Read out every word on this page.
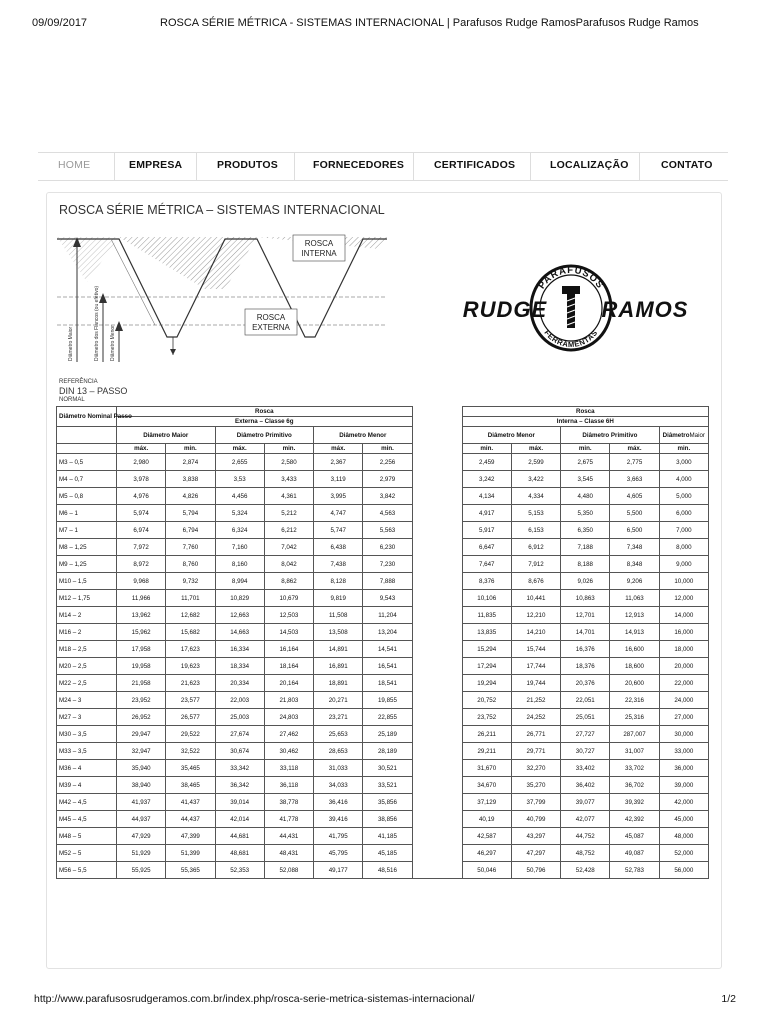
09/09/2017	ROSCA SÉRIE MÉTRICA - SISTEMAS INTERNACIONAL | Parafusos Rudge RamosParafusos Rudge Ramos
HOME	EMPRESA	PRODUTOS	FORNECEDORES	CERTIFICADOS	LOCALIZAÇÃO	CONTATO
ROSCA SÉRIE MÉTRICA – SISTEMAS INTERNACIONAL
ROSCA
INTERNA
ROSCA
EXTERNA
Diâmetro Maior	Diâmetro dos Flancos (ou efetivo) Diâmetro Menor
PARAFUSOS
FERRAMENTAS
RUDGE RAMOS
REFERÊNCIA
DIN 13 – PASSO
NORMAL
Diâmetro Nominal Passo	Rosca							Rosca				
	Externa – Classe 6g							Interna – Classe 6H				
	Diâmetro Maior		Diâmetro Primitivo		Diâmetro Menor			Diâmetro Menor		Diâmetro Primitivo		DiâmetroMaior
	máx.	min.	máx.	min.	máx.	min.		min.	máx.	min.	máx.	min.
M3 – 0,5	2,980	2,874	2,655	2,580	2,367	2,256		2,459	2,599	2,675	2,775	3,000
M4 – 0,7	3,978	3,838	3,53	3,433	3,119	2,979		3,242	3,422	3,545	3,663	4,000
M5 – 0,8	4,976	4,826	4,456	4,361	3,995	3,842		4,134	4,334	4,480	4,605	5,000
M6 – 1	5,974	5,794	5,324	5,212	4,747	4,563		4,917	5,153	5,350	5,500	6,000
M7 – 1	6,974	6,794	6,324	6,212	5,747	5,563		5,917	6,153	6,350	6,500	7,000
M8 – 1,25	7,972	7,760	7,160	7,042	6,438	6,230		6,647	6,912	7,188	7,348	8,000
M9 – 1,25	8,972	8,760	8,160	8,042	7,438	7,230		7,647	7,912	8,188	8,348	9,000
M10 – 1,5	9,968	9,732	8,994	8,862	8,128	7,888		8,376	8,676	9,026	9,206	10,000
M12 – 1,75	11,966	11,701	10,829	10,679	9,819	9,543		10,106	10,441	10,863	11,063	12,000
M14 – 2	13,962	12,682	12,663	12,503	11,508	11,204		11,835	12,210	12,701	12,913	14,000
M16 – 2	15,962	15,682	14,663	14,503	13,508	13,204		13,835	14,210	14,701	14,913	16,000
M18 – 2,5	17,958	17,623	16,334	16,164	14,891	14,541		15,294	15,744	16,376	16,600	18,000
M20 – 2,5	19,958	19,623	18,334	18,164	16,891	16,541		17,294	17,744	18,376	18,600	20,000
M22 – 2,5	21,958	21,623	20,334	20,164	18,891	18,541		19,294	19,744	20,376	20,600	22,000
M24 – 3	23,952	23,577	22,003	21,803	20,271	19,855		20,752	21,252	22,051	22,316	24,000
M27 – 3	26,952	26,577	25,003	24,803	23,271	22,855		23,752	24,252	25,051	25,316	27,000
M30 – 3,5	29,947	29,522	27,674	27,462	25,653	25,189		26,211	26,771	27,727	287,007	30,000
M33 – 3,5	32,947	32,522	30,674	30,462	28,653	28,189		29,211	29,771	30,727	31,007	33,000
M36 – 4	35,940	35,465	33,342	33,118	31,033	30,521		31,670	32,270	33,402	33,702	36,000
M39 – 4	38,940	38,465	36,342	36,118	34,033	33,521		34,670	35,270	36,402	36,702	39,000
M42 – 4,5	41,937	41,437	39,014	38,778	36,416	35,856		37,129	37,799	39,077	39,392	42,000
M45 – 4,5	44,937	44,437	42,014	41,778	39,416	38,856		40,19	40,799	42,077	42,392	45,000
M48 – 5	47,929	47,399	44,681	44,431	41,795	41,185		42,587	43,297	44,752	45,087	48,000
M52 – 5	51,929	51,399	48,681	48,431	45,795	45,185		46,297	47,297	48,752	49,087	52,000
M56 – 5,5	55,925	55,365	52,353	52,088	49,177	48,516		50,046	50,796	52,428	52,783	56,000
http://www.parafusosrudgeramos.com.br/index.php/rosca-serie-metrica-sistemas-internacional/	1/2
